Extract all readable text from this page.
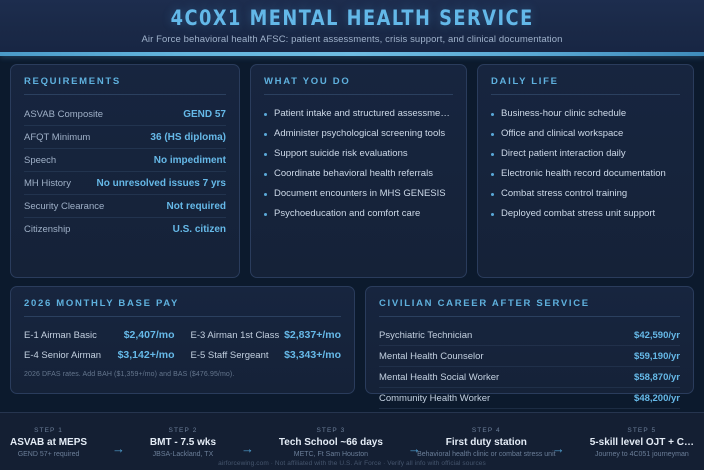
4C0X1 MENTAL HEALTH SERVICE
Air Force behavioral health AFSC: patient assessments, crisis support, and clinical documentation
REQUIREMENTS
ASVAB Composite	GEND 57
AFQT Minimum	36 (HS diploma)
Speech	No impediment
MH History	No unresolved issues 7 yrs
Security Clearance	Not required
Citizenship	U.S. citizen
WHAT YOU DO
Patient intake and structured assessme…
Administer psychological screening tools
Support suicide risk evaluations
Coordinate behavioral health referrals
Document encounters in MHS GENESIS
Psychoeducation and comfort care
DAILY LIFE
Business-hour clinic schedule
Office and clinical workspace
Direct patient interaction daily
Electronic health record documentation
Combat stress control training
Deployed combat stress unit support
2026 MONTHLY BASE PAY
E-1 Airman Basic	$2,407/mo E-3 Airman 1st Class $2,837+/mo
E-4 Senior Airman $3,142+/mo E-5 Staff Sergeant $3,343+/mo
2026 DFAS rates. Add BAH ($1,359+/mo) and BAS ($476.95/mo).
CIVILIAN CAREER AFTER SERVICE
Psychiatric Technician	$42,590/yr
Mental Health Counselor	$59,190/yr
Mental Health Social Worker	$58,870/yr
Community Health Worker	$48,200/yr
STEP 1
ASVAB at MEPS
GEND 57+ required	→
STEP 2
BMT - 7.5 wks
JBSA-Lackland, TX →
STEP 3
Tech School ~66 days
METC, Ft Sam Houston	→
STEP 4
First duty station
Behavioral health clinic or combat stress unit
→
STEP 5
5-skill level OJT + C…
Journey to 4C051 journeyman
airforcewing.com · Not affiliated with the U.S. Air Force · Verify all info with official sources
